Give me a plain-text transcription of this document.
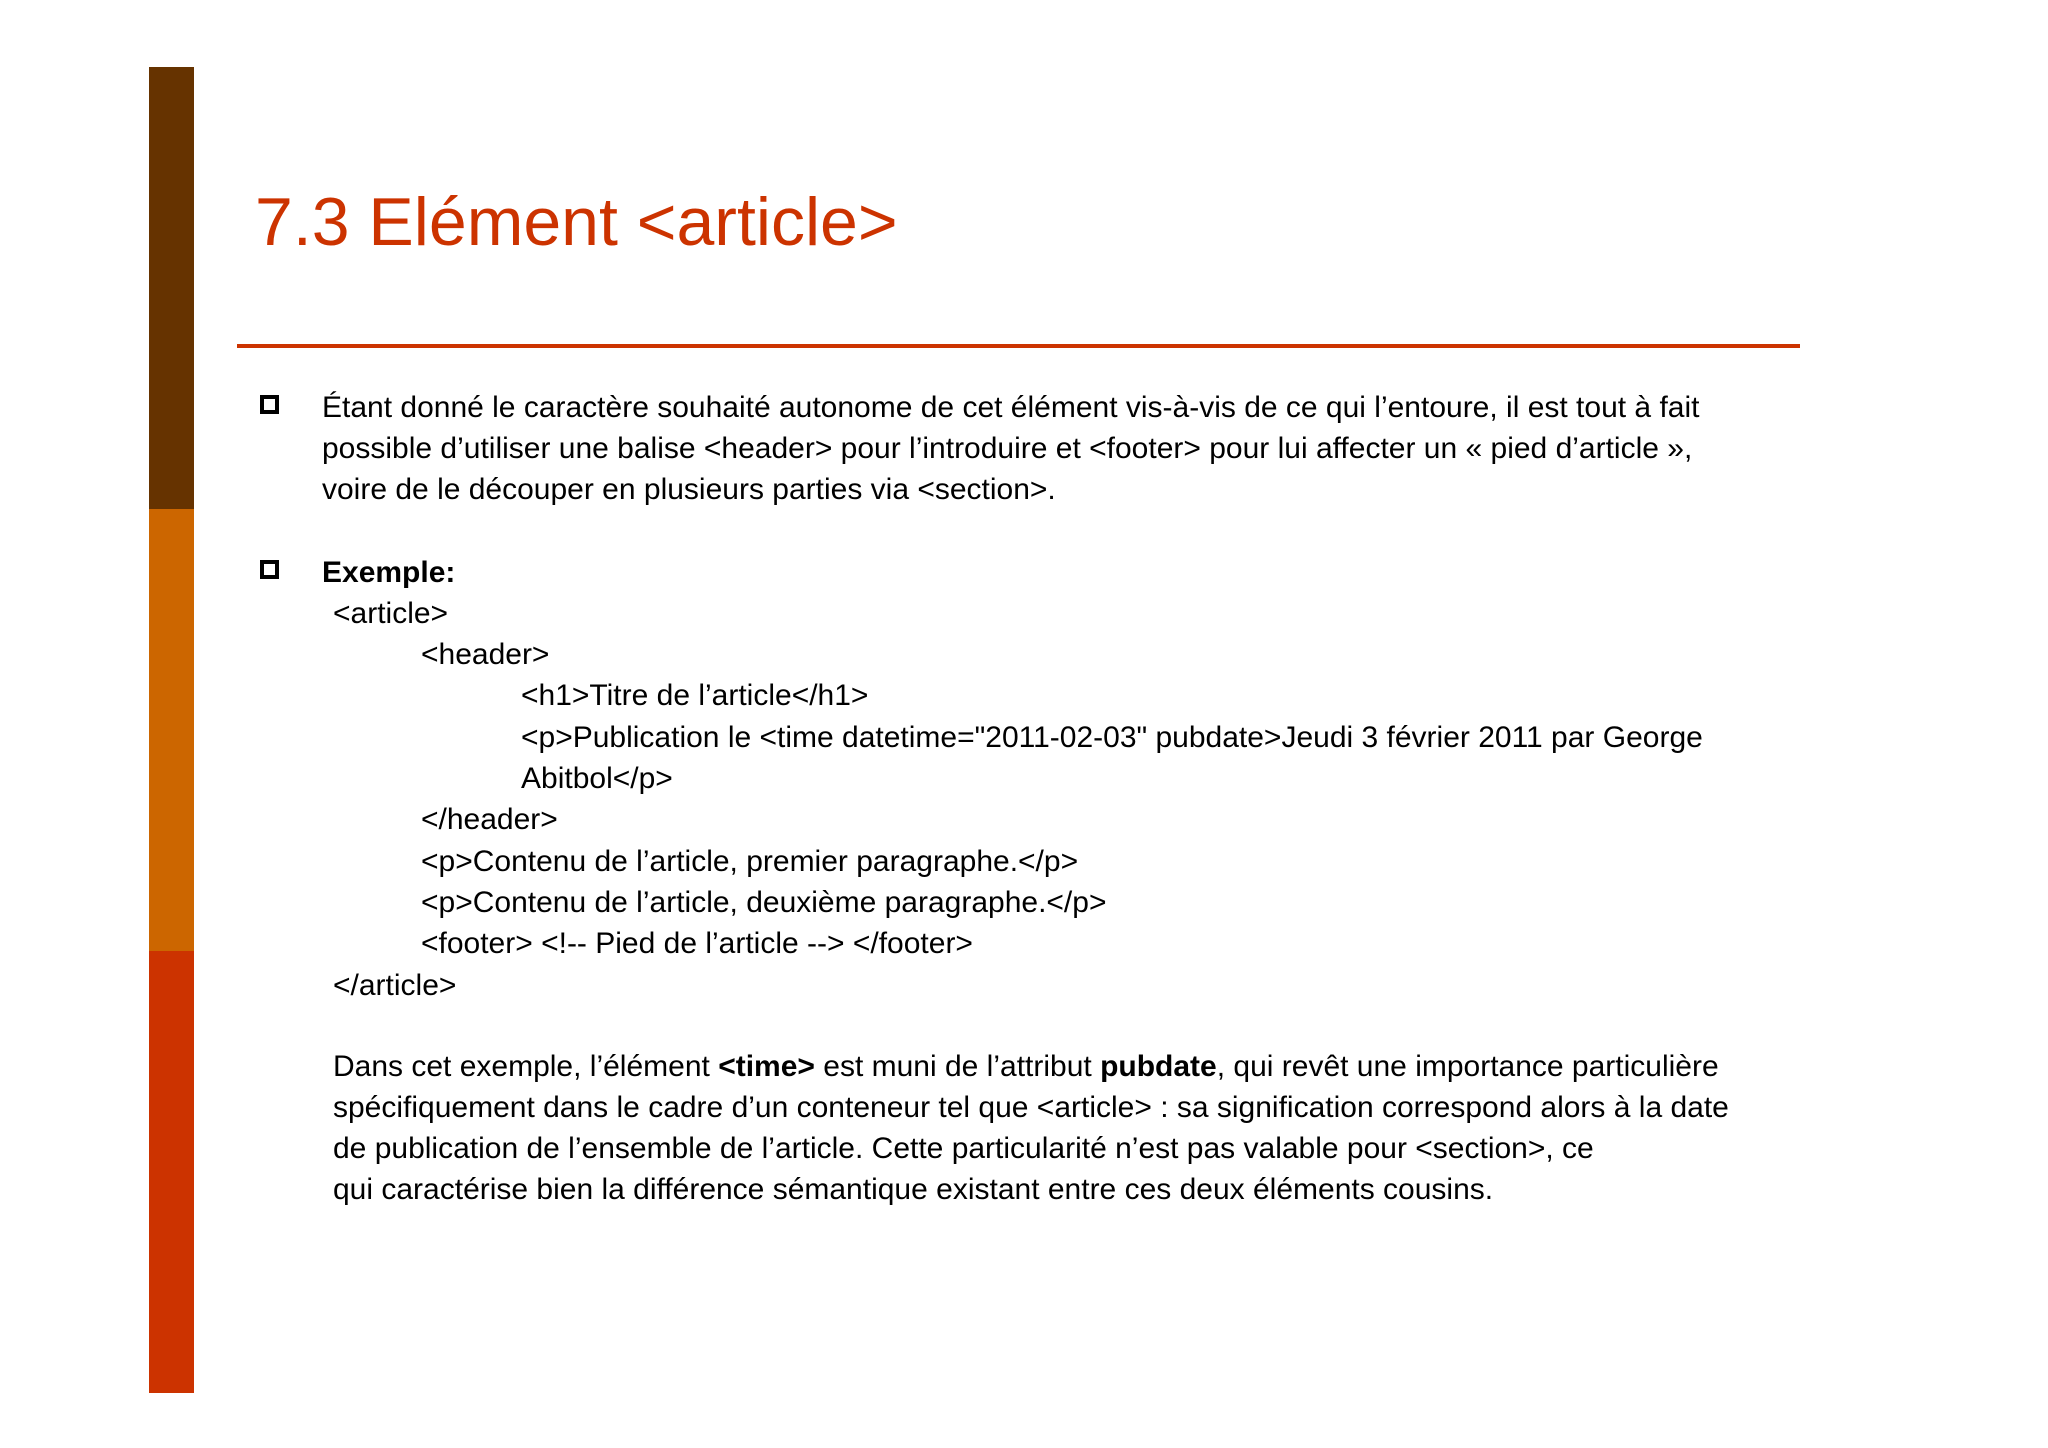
7.3 Elément <article>
Étant donné le caractère souhaité autonome de cet élément vis-à-vis de ce qui l’entoure, il est tout à fait
possible d’utiliser une balise <header> pour l’introduire et <footer> pour lui affecter un « pied d’article »,
voire de le découper en plusieurs parties via <section>.
Exemple:
<article>
<header>
<h1>Titre de l’article</h1>
<p>Publication le <time datetime="2011-02-03" pubdate>Jeudi 3 février 2011 par George
Abitbol</p>
</header>
<p>Contenu de l’article, premier paragraphe.</p>
<p>Contenu de l’article, deuxième paragraphe.</p>
<footer> <!-- Pied de l’article --> </footer>
</article>
Dans cet exemple, l’élément <time> est muni de l’attribut pubdate, qui revêt une importance particulière
spécifiquement dans le cadre d’un conteneur tel que <article> : sa signification correspond alors à la date
de publication de l’ensemble de l’article. Cette particularité n’est pas valable pour <section>, ce
qui caractérise bien la différence sémantique existant entre ces deux éléments cousins.
